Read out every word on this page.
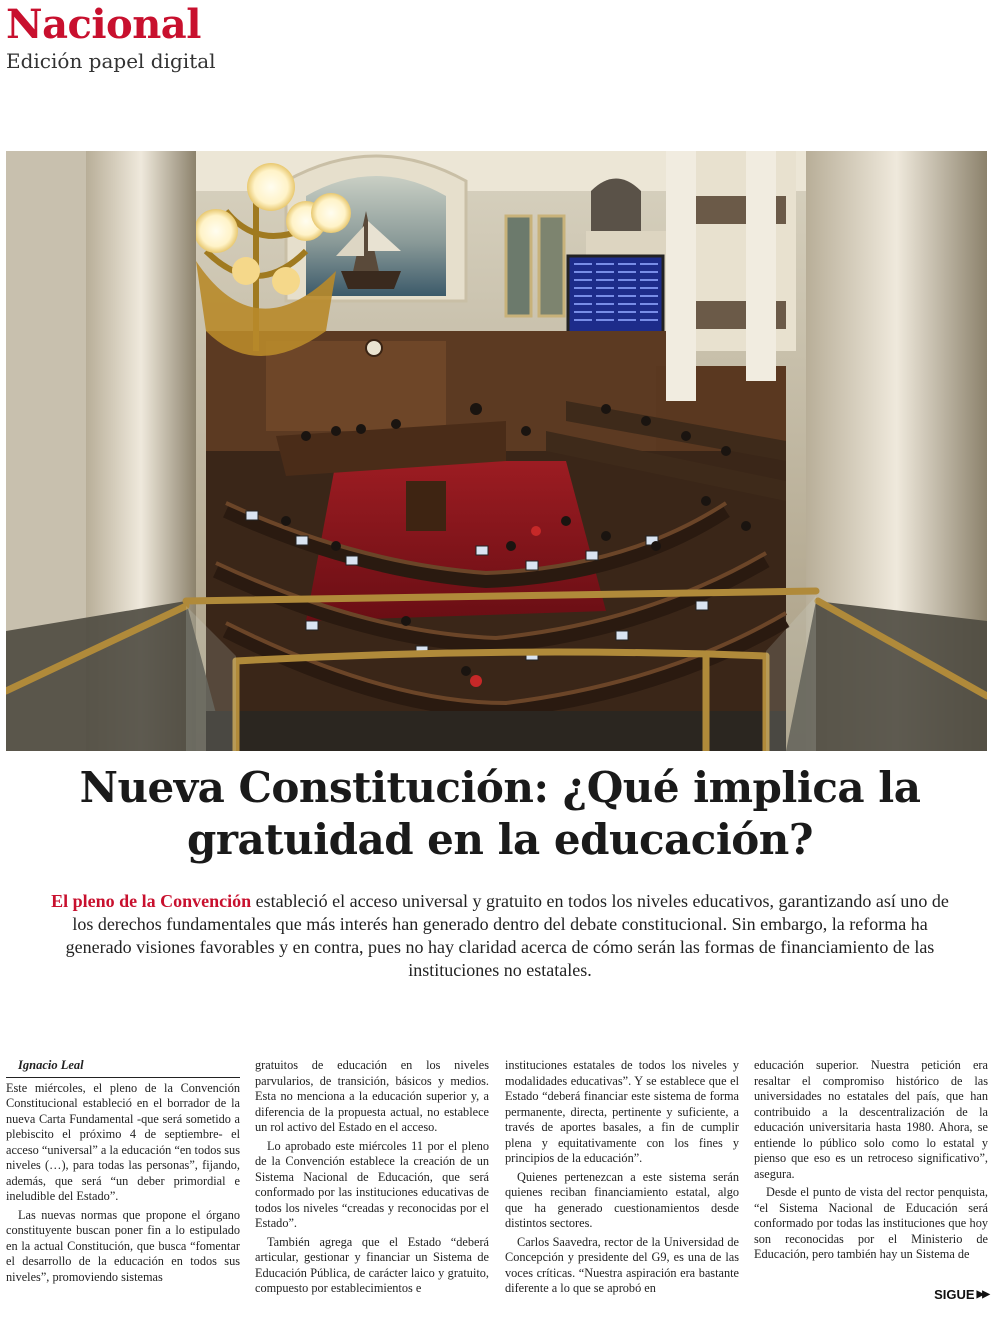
Nacional
Edición papel digital
Nueva Constitución: ¿Qué implica la
gratuidad en la educación?

El pleno de la Convención estableció el acceso universal y gratuito en todos los niveles educativos, garantizando así uno de los derechos fundamentales que más interés han generado dentro del debate constitucional. Sin embargo, la reforma ha generado visiones favorables y en contra, pues no hay claridad acerca de cómo serán las formas de financiamiento de las instituciones no estatales.

Ignacio Leal

Este miércoles, el pleno de la Convención Constitucional estableció en el borrador de la nueva Carta Fundamental -que será sometido a plebiscito el próximo 4 de septiembre- el acceso “universal” a la educación “en todos sus niveles (…), para todas las personas”, fijando, además, que será “un deber primordial e ineludible del Estado”.

Las nuevas normas que propone el órgano constituyente buscan poner fin a lo estipulado en la actual Constitución, que busca “fomentar el desarrollo de la educación en todos sus niveles”, promoviendo sistemas

gratuitos de educación en los niveles parvularios, de transición, básicos y medios. Esta no menciona a la educación superior y, a diferencia de la propuesta actual, no establece un rol activo del Estado en el acceso.

Lo aprobado este miércoles 11 por el pleno de la Convención establece la creación de un Sistema Nacional de Educación, que será conformado por las instituciones educativas de todos los niveles “creadas y reconocidas por el Estado”.

También agrega que el Estado “deberá articular, gestionar y financiar un Sistema de Educación Pública, de carácter laico y gratuito, compuesto por establecimientos e

instituciones estatales de todos los niveles y modalidades educativas”. Y se establece que el Estado “deberá financiar este sistema de forma permanente, directa, pertinente y suficiente, a través de aportes basales, a fin de cumplir plena y equitativamente con los fines y principios de la educación”.

Quienes pertenezcan a este sistema serán quienes reciban financiamiento estatal, algo que ha generado cuestionamientos desde distintos sectores.

Carlos Saavedra, rector de la Universidad de Concepción y presidente del G9, es una de las voces críticas. “Nuestra aspiración era bastante diferente a lo que se aprobó en

educación superior. Nuestra petición era resaltar el compromiso histórico de las universidades no estatales del país, que han contribuido a la descentralización de la educación universitaria hasta 1980. Ahora, se entiende lo público solo como lo estatal y pienso que eso es un retroceso significativo”, asegura.

Desde el punto de vista del rector penquista, “el Sistema Nacional de Educación será conformado por todas las instituciones que hoy son reconocidas por el Ministerio de Educación, pero también hay un Sistema de

SIGUE ▶▶
